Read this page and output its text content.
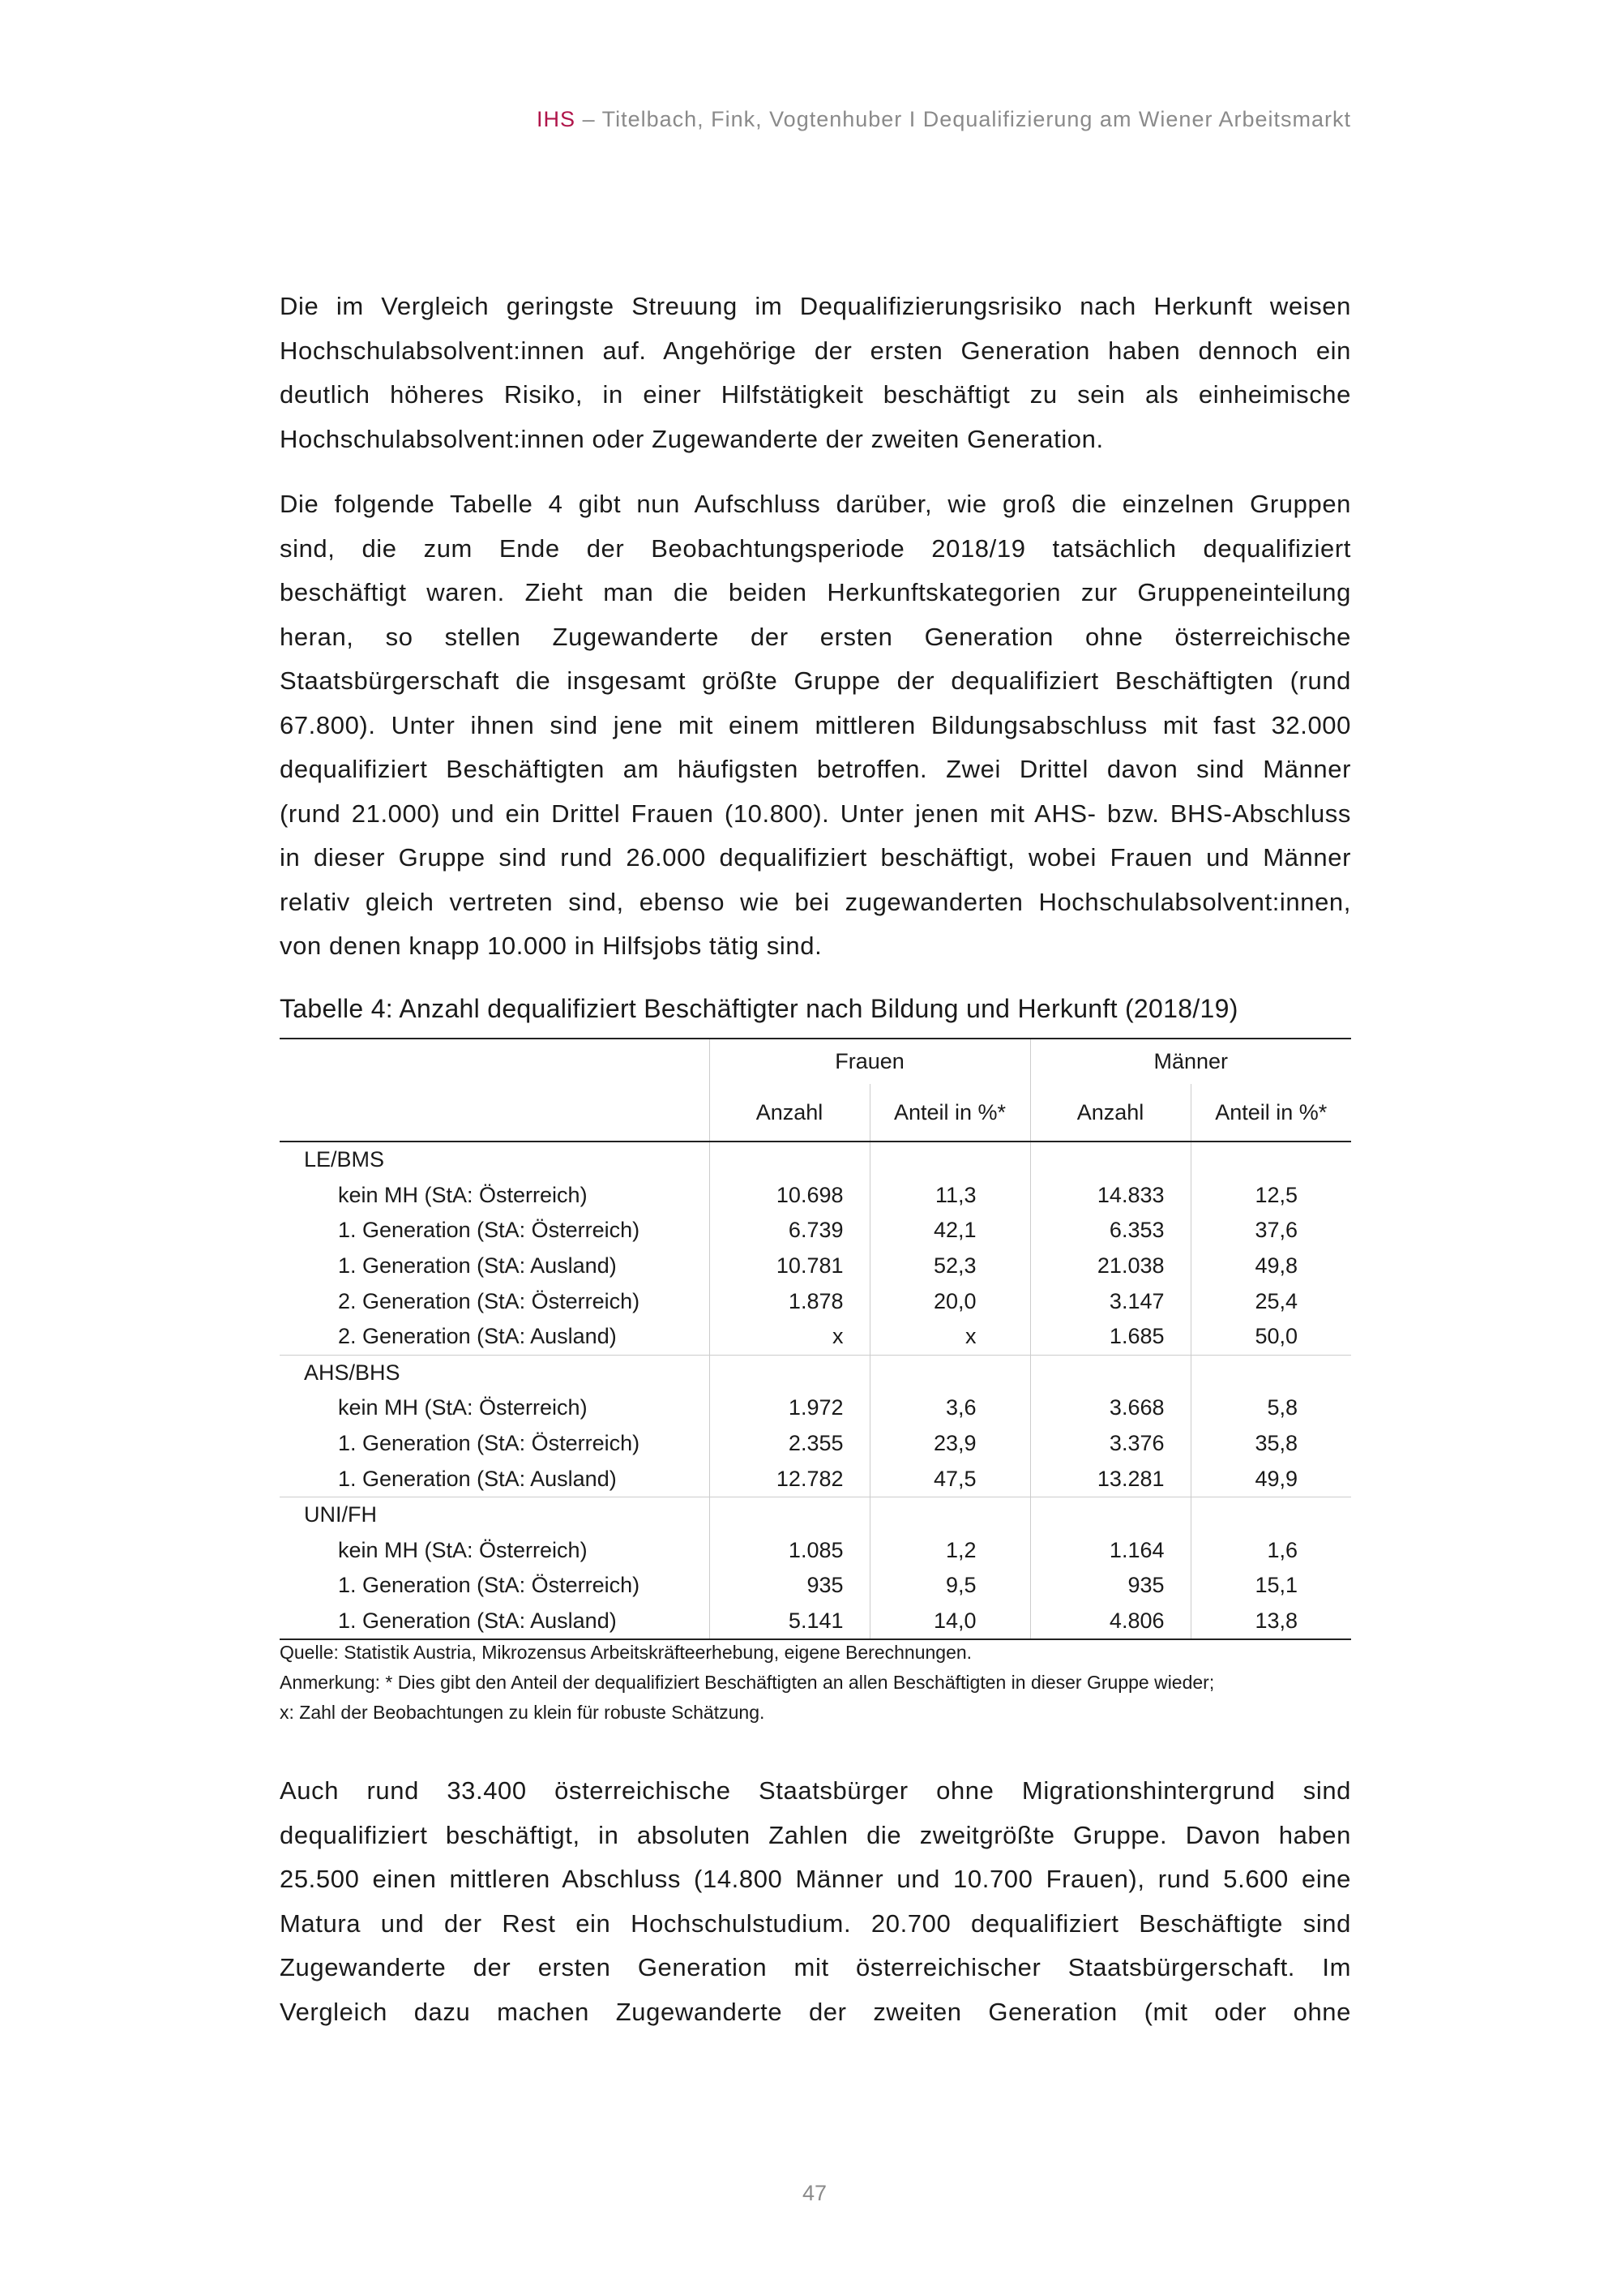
IHS – Titelbach, Fink, Vogtenhuber I Dequalifizierung am Wiener Arbeitsmarkt
Die im Vergleich geringste Streuung im Dequalifizierungsrisiko nach Herkunft weisen
Hochschulabsolvent:innen auf. Angehörige der ersten Generation haben dennoch ein
deutlich höheres Risiko, in einer Hilfstätigkeit beschäftigt zu sein als einheimische
Hochschulabsolvent:innen oder Zugewanderte der zweiten Generation.
Die folgende Tabelle 4 gibt nun Aufschluss darüber, wie groß die einzelnen Gruppen
sind, die zum Ende der Beobachtungsperiode 2018/19 tatsächlich dequalifiziert
beschäftigt waren. Zieht man die beiden Herkunftskategorien zur Gruppeneinteilung
heran, so stellen Zugewanderte der ersten Generation ohne österreichische
Staatsbürgerschaft die insgesamt größte Gruppe der dequalifiziert Beschäftigten (rund
67.800). Unter ihnen sind jene mit einem mittleren Bildungsabschluss mit fast 32.000
dequalifiziert Beschäftigten am häufigsten betroffen. Zwei Drittel davon sind Männer
(rund 21.000) und ein Drittel Frauen (10.800). Unter jenen mit AHS- bzw. BHS-Abschluss
in dieser Gruppe sind rund 26.000 dequalifiziert beschäftigt, wobei Frauen und Männer
relativ gleich vertreten sind, ebenso wie bei zugewanderten Hochschulabsolvent:innen,
von denen knapp 10.000 in Hilfsjobs tätig sind.
Tabelle 4: Anzahl dequalifiziert Beschäftigter nach Bildung und Herkunft (2018/19)
	Frauen		Männer	
	Anzahl	Anteil in %*	Anzahl	Anteil in %*
LE/BMS				
kein MH (StA: Österreich)	10.698	11,3	14.833	12,5
1. Generation (StA: Österreich)	6.739	42,1	6.353	37,6
1. Generation (StA: Ausland)	10.781	52,3	21.038	49,8
2. Generation (StA: Österreich)	1.878	20,0	3.147	25,4
2. Generation (StA: Ausland)	x	x	1.685	50,0
AHS/BHS				
kein MH (StA: Österreich)	1.972	3,6	3.668	5,8
1. Generation (StA: Österreich)	2.355	23,9	3.376	35,8
1. Generation (StA: Ausland)	12.782	47,5	13.281	49,9
UNI/FH				
kein MH (StA: Österreich)	1.085	1,2	1.164	1,6
1. Generation (StA: Österreich)	935	9,5	935	15,1
1. Generation (StA: Ausland)	5.141	14,0	4.806	13,8
Quelle: Statistik Austria, Mikrozensus Arbeitskräfteerhebung, eigene Berechnungen.
Anmerkung: * Dies gibt den Anteil der dequalifiziert Beschäftigten an allen Beschäftigten in dieser Gruppe wieder;
x: Zahl der Beobachtungen zu klein für robuste Schätzung.
Auch rund 33.400 österreichische Staatsbürger ohne Migrationshintergrund sind
dequalifiziert beschäftigt, in absoluten Zahlen die zweitgrößte Gruppe. Davon haben
25.500 einen mittleren Abschluss (14.800 Männer und 10.700 Frauen), rund 5.600 eine
Matura und der Rest ein Hochschulstudium. 20.700 dequalifiziert Beschäftigte sind
Zugewanderte der ersten Generation mit österreichischer Staatsbürgerschaft. Im
Vergleich dazu machen Zugewanderte der zweiten Generation (mit oder ohne
47
